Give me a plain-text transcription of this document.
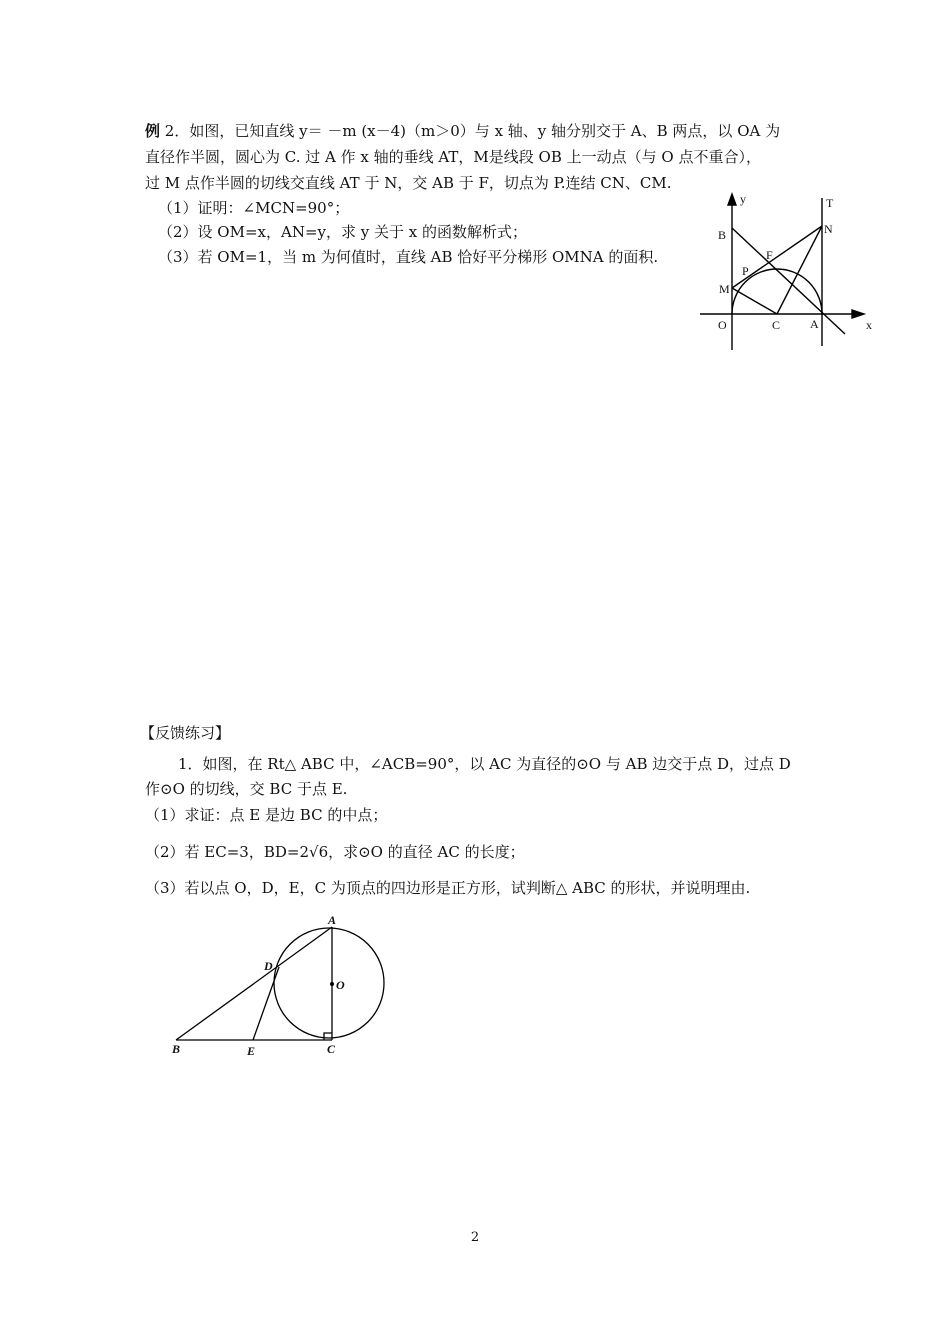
例 2．如图，已知直线 y＝ －m (x－4)（m＞0）与 x 轴、y 轴分别交于 A、B 两点，以 OA 为
直径作半圆，圆心为 C. 过 A 作 x 轴的垂线 AT，M是线段 OB 上一动点（与 O 点不重合），
过 M 点作半圆的切线交直线 AT 于 N，交 AB 于 F，切点为 P.连结 CN、CM.
（1）证明：∠MCN=90°；
（2）设 OM=x，AN=y，求 y 关于 x 的函数解析式；
（3）若 OM=1，当 m 为何值时，直线 AB 恰好平分梯形 OMNA 的面积.
y	T
B	N
F
P
M
O	C A	x
【反馈练习】
1．如图，在 Rt△ ABC 中，∠ACB=90°，以 AC 为直径的⊙O 与 AB 边交于点 D，过点 D
作⊙O 的切线，交 BC 于点 E.
（1）求证：点 E 是边 BC 的中点；
（2）若 EC=3，BD=2√6，求⊙O 的直径 AC 的长度；
（3）若以点 O，D，E，C 为顶点的四边形是正方形，试判断△ ABC 的形状，并说明理由.
A
D
O
B	E	C
2
